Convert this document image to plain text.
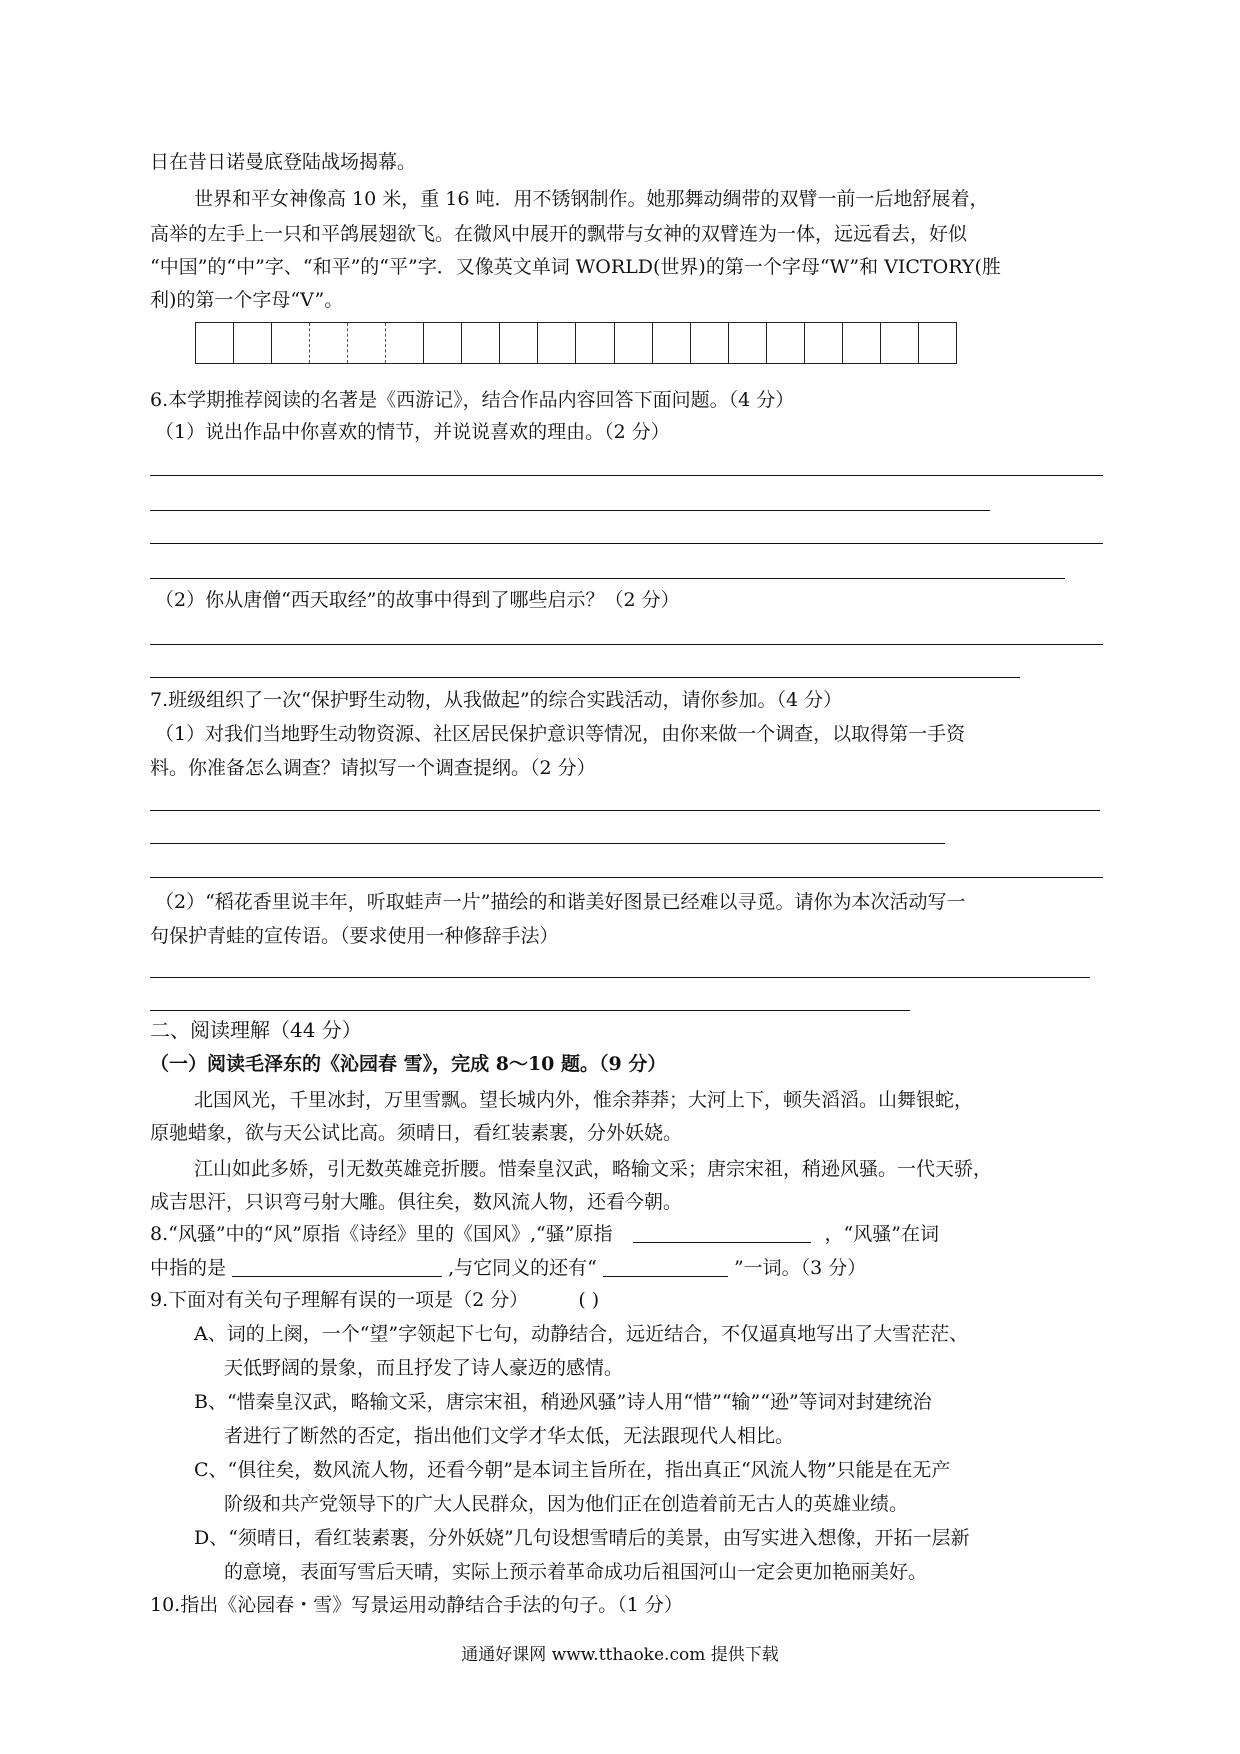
日在昔日诺曼底登陆战场揭幕。
世界和平女神像高 10 米，重 16 吨．用不锈钢制作。她那舞动绸带的双臂一前一后地舒展着，
高举的左手上一只和平鸽展翅欲飞。在微风中展开的飘带与女神的双臂连为一体，远远看去，好似
“中国”的“中”字、“和平”的“平”字．又像英文单词 WORLD(世界)的第一个字母“W”和 VICTORY(胜
利)的第一个字母“V”。
6.本学期推荐阅读的名著是《西游记》，结合作品内容回答下面问题。（4 分）
（1）说出作品中你喜欢的情节，并说说喜欢的理由。（2 分）
（2）你从唐僧“西天取经”的故事中得到了哪些启示？（2 分）
7.班级组织了一次“保护野生动物，从我做起”的综合实践活动，请你参加。（4 分）
（1）对我们当地野生动物资源、社区居民保护意识等情况，由你来做一个调查，以取得第一手资
料。你准备怎么调查？请拟写一个调查提纲。（2 分）
（2）“稻花香里说丰年，听取蛙声一片”描绘的和谐美好图景已经难以寻觅。请你为本次活动写一
句保护青蛙的宣传语。（要求使用一种修辞手法）
二、阅读理解（44 分）
（一）阅读毛泽东的《沁园春 雪》，完成 8～10 题。（9 分）
北国风光，千里冰封，万里雪飘。望长城内外，惟余莽莽；大河上下，顿失滔滔。山舞银蛇，
原驰蜡象，欲与天公试比高。须晴日，看红装素裹，分外妖娆。
江山如此多娇，引无数英雄竞折腰。惜秦皇汉武，略输文采；唐宗宋祖，稍逊风骚。一代天骄，
成吉思汗，只识弯弓射大雕。俱往矣，数风流人物，还看今朝。
8.“风骚”中的“风”原指《诗经》里的《国风》,“骚”原指	，“风骚”在词
中指的是	,与它同义的还有“	”一词。（3 分）
9.下面对有关句子理解有误的一项是（2 分）	( )
A、词的上阕，一个“望”字领起下七句，动静结合，远近结合，不仅逼真地写出了大雪茫茫、
天低野阔的景象，而且抒发了诗人豪迈的感情。
B、“惜秦皇汉武，略输文采，唐宗宋祖，稍逊风骚”诗人用“惜”“输”“逊”等词对封建统治
者进行了断然的否定，指出他们文学才华太低，无法跟现代人相比。
C、“俱往矣，数风流人物，还看今朝”是本词主旨所在，指出真正“风流人物”只能是在无产
阶级和共产党领导下的广大人民群众，因为他们正在创造着前无古人的英雄业绩。
D、“须晴日，看红装素裹，分外妖娆”几句设想雪晴后的美景，由写实进入想像，开拓一层新
的意境，表面写雪后天晴，实际上预示着革命成功后祖国河山一定会更加艳丽美好。
10.指出《沁园春・雪》写景运用动静结合手法的句子。（1 分）
通通好课网 www.tthaoke.com 提供下载
